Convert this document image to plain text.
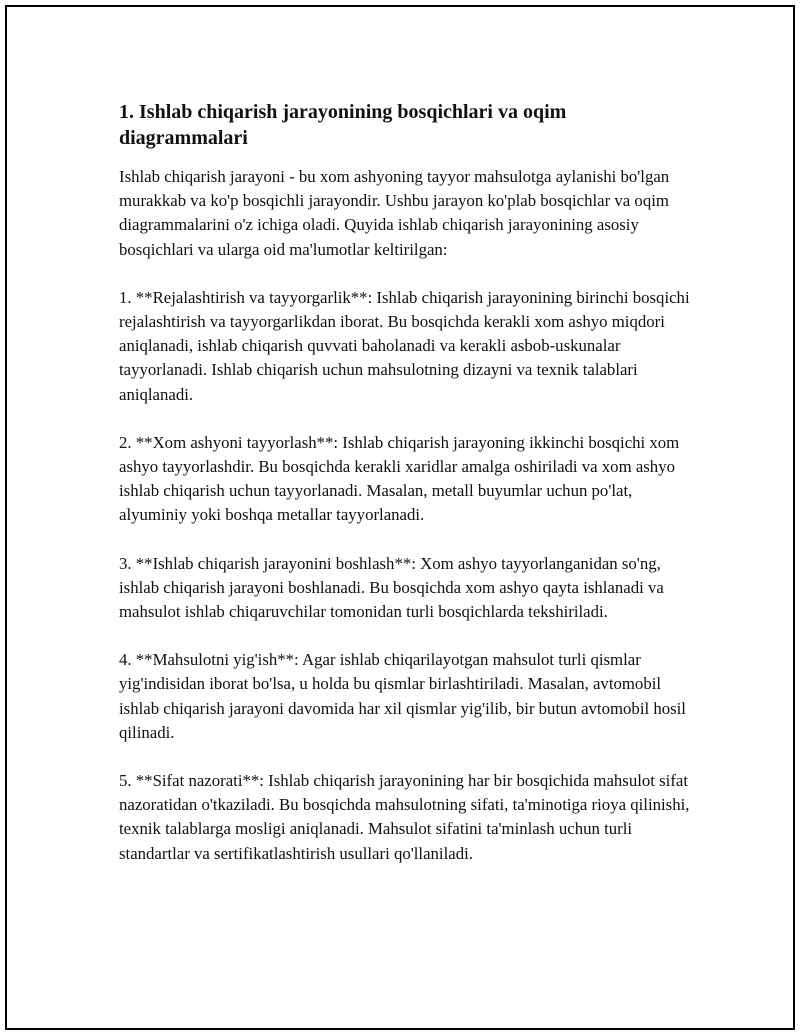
1. Ishlab chiqarish jarayonining bosqichlari va oqim diagrammalari

Ishlab chiqarish jarayoni - bu xom ashyoning tayyor mahsulotga aylanishi bo'lgan murakkab va ko'p bosqichli jarayondir. Ushbu jarayon ko'plab bosqichlar va oqim diagrammalarini o'z ichiga oladi. Quyida ishlab chiqarish jarayonining asosiy bosqichlari va ularga oid ma'lumotlar keltirilgan:

1. **Rejalashtirish va tayyorgarlik**: Ishlab chiqarish jarayonining birinchi bosqichi rejalashtirish va tayyorgarlikdan iborat. Bu bosqichda kerakli xom ashyo miqdori aniqlanadi, ishlab chiqarish quvvati baholanadi va kerakli asbob-uskunalar tayyorlanadi. Ishlab chiqarish uchun mahsulotning dizayni va texnik talablari aniqlanadi.

2. **Xom ashyoni tayyorlash**: Ishlab chiqarish jarayoning ikkinchi bosqichi xom ashyo tayyorlashdir. Bu bosqichda kerakli xaridlar amalga oshiriladi va xom ashyo ishlab chiqarish uchun tayyorlanadi. Masalan, metall buyumlar uchun po'lat, alyuminiy yoki boshqa metallar tayyorlanadi.

3. **Ishlab chiqarish jarayonini boshlash**: Xom ashyo tayyorlanganidan so'ng, ishlab chiqarish jarayoni boshlanadi. Bu bosqichda xom ashyo qayta ishlanadi va mahsulot ishlab chiqaruvchilar tomonidan turli bosqichlarda tekshiriladi.

4. **Mahsulotni yig'ish**: Agar ishlab chiqarilayotgan mahsulot turli qismlar yig'indisidan iborat bo'lsa, u holda bu qismlar birlashtiriladi. Masalan, avtomobil ishlab chiqarish jarayoni davomida har xil qismlar yig'ilib, bir butun avtomobil hosil qilinadi.

5. **Sifat nazorati**: Ishlab chiqarish jarayonining har bir bosqichida mahsulot sifat nazoratidan o'tkaziladi. Bu bosqichda mahsulotning sifati, ta'minotiga rioya qilinishi, texnik talablarga mosligi aniqlanadi. Mahsulot sifatini ta'minlash uchun turli standartlar va sertifikatlashtirish usullari qo'llaniladi.
